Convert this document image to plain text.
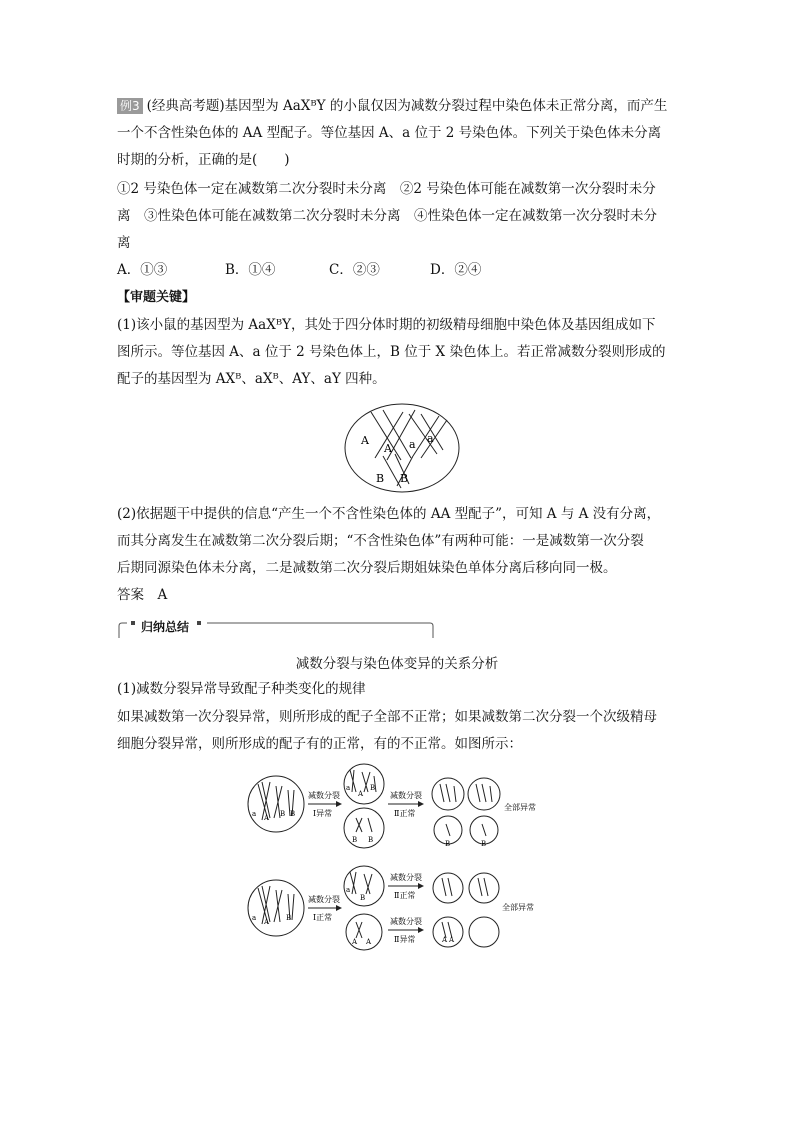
例3 (经典高考题)基因型为 AaXᴮY 的小鼠仅因为减数分裂过程中染色体未正常分离，而产生
一个不含性染色体的 AA 型配子。等位基因 A、a 位于 2 号染色体。下列关于染色体未分离
时期的分析，正确的是(　　)
①2 号染色体一定在减数第二次分裂时未分离　②2 号染色体可能在减数第一次分裂时未分
离　③性染色体可能在减数第二次分裂时未分离　④性染色体一定在减数第一次分裂时未分
离
A．①③	B．①④	C．②③	D．②④
【审题关键】
(1)该小鼠的基因型为 AaXᴮY，其处于四分体时期的初级精母细胞中染色体及基因组成如下
图所示。等位基因 A、a 位于 2 号染色体上，B 位于 X 染色体上。若正常减数分裂则形成的
配子的基因型为 AXᴮ、aXᴮ、AY、aY 四种。
A
A a a
B B
(2)依据题干中提供的信息“产生一个不含性染色体的 AA 型配子”，可知 A 与 A 没有分离，
而其分离发生在减数第二次分裂后期；“不含性染色体”有两种可能：一是减数第一次分裂
后期同源染色体未分离，二是减数第二次分裂后期姐妹染色单体分离后移向同一极。
答案　A
归纳总结
减数分裂与染色体变异的关系分析
(1)减数分裂异常导致配子种类变化的规律
如果减数第一次分裂异常，则所形成的配子全部不正常；如果减数第二次分裂一个次级精母
细胞分裂异常，则所形成的配子有的正常，有的不正常。如图所示：
a A B B
减数分裂
Ⅰ异常
a
A
B
B B
减数分裂
Ⅱ正常
B	B
全部异常
a A B
减数分裂
Ⅰ正常
a
B
A A
减数分裂
Ⅱ正常
减数分裂
Ⅱ异常	A A
全部异常
